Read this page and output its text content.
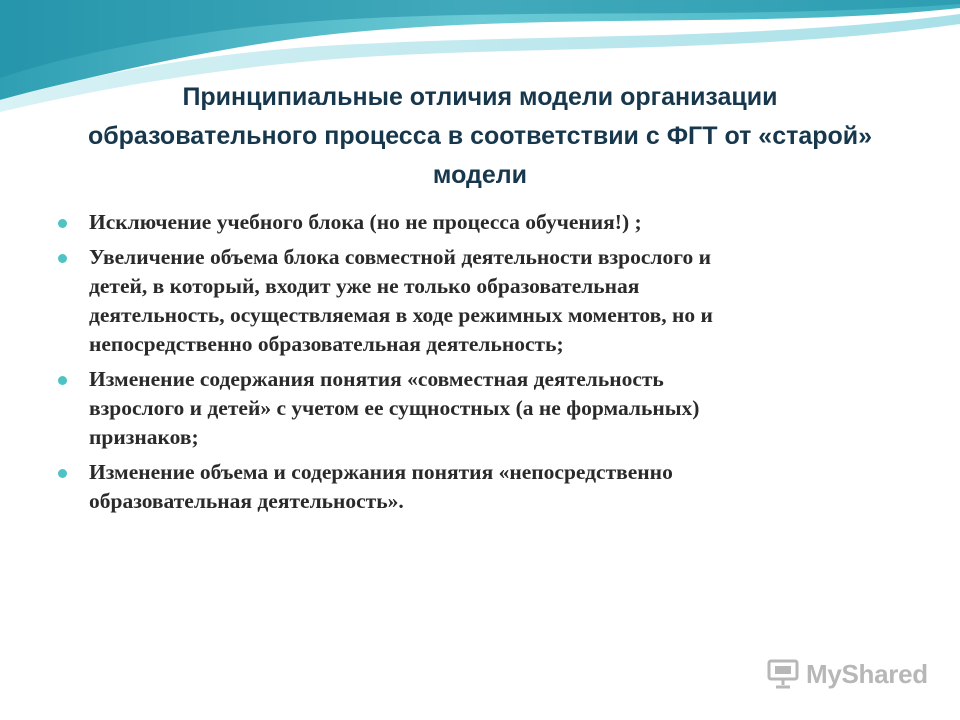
Принципиальные отличия модели организации
образовательного процесса в соответствии с ФГТ от «старой»
модели
Исключение учебного блока (но не процесса обучения!) ;
Увеличение объема блока совместной деятельности взрослого и
детей, в который, входит уже не только образовательная
деятельность, осуществляемая в ходе режимных моментов, но и
непосредственно образовательная деятельность;
Изменение содержания понятия «совместная деятельность
взрослого и детей» с учетом ее сущностных (а не формальных)
признаков;
Изменение объема и содержания понятия «непосредственно
образовательная деятельность».
MyShared
